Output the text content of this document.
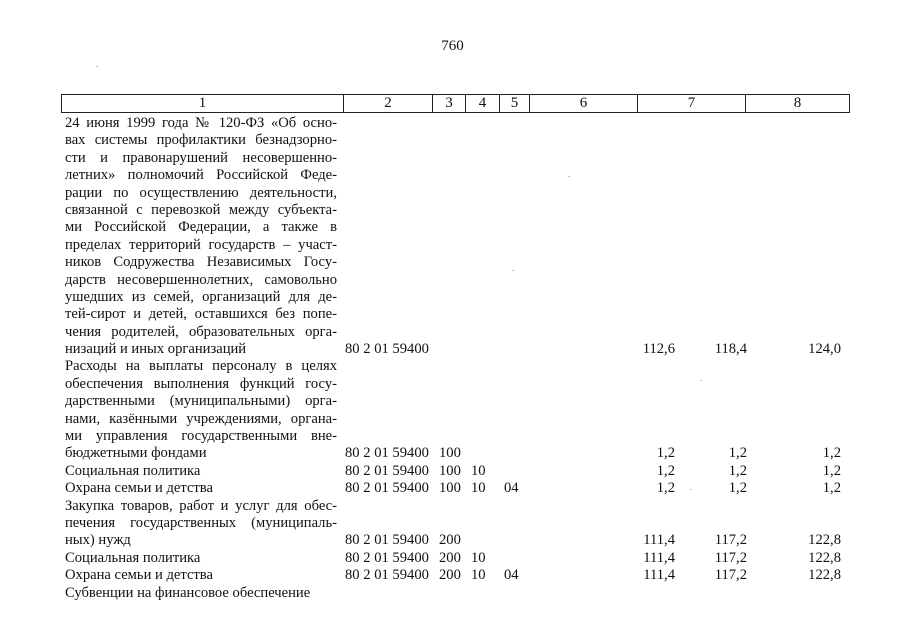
760
1	2	3	4	5	6	7	8
24 июня 1999 года № 120-ФЗ «Об осно-
вах системы профилактики безнадзорно-
сти и правонарушений несовершенно-
летних» полномочий Российской Феде-
рации по осуществлению деятельности,
связанной с перевозкой между субъекта-
ми Российской Федерации, а также в
пределах территорий государств – участ-
ников Содружества Независимых Госу-
дарств несовершеннолетних, самовольно
ушедших из семей, организаций для де-
тей-сирот и детей, оставшихся без попе-
чения родителей, образовательных орга-
низаций и иных организаций	80 2 01 59400	112,6	118,4	124,0
Расходы на выплаты персоналу в целях
обеспечения выполнения функций госу-
дарственными (муниципальными) орга-
нами, казёнными учреждениями, органа-
ми управления государственными вне-
бюджетными фондами	80 2 01 59400 100	1,2	1,2	1,2
Социальная политика	80 2 01 59400 100 10	1,2	1,2	1,2
Охрана семьи и детства	80 2 01 59400 100 10 04	1,2	1,2	1,2
Закупка товаров, работ и услуг для обес-
печения государственных (муниципаль-
ных) нужд	80 2 01 59400 200	111,4	117,2	122,8
Социальная политика	80 2 01 59400 200 10	111,4	117,2	122,8
Охрана семьи и детства	80 2 01 59400 200 10 04	111,4	117,2	122,8
Субвенции на финансовое обеспечение
